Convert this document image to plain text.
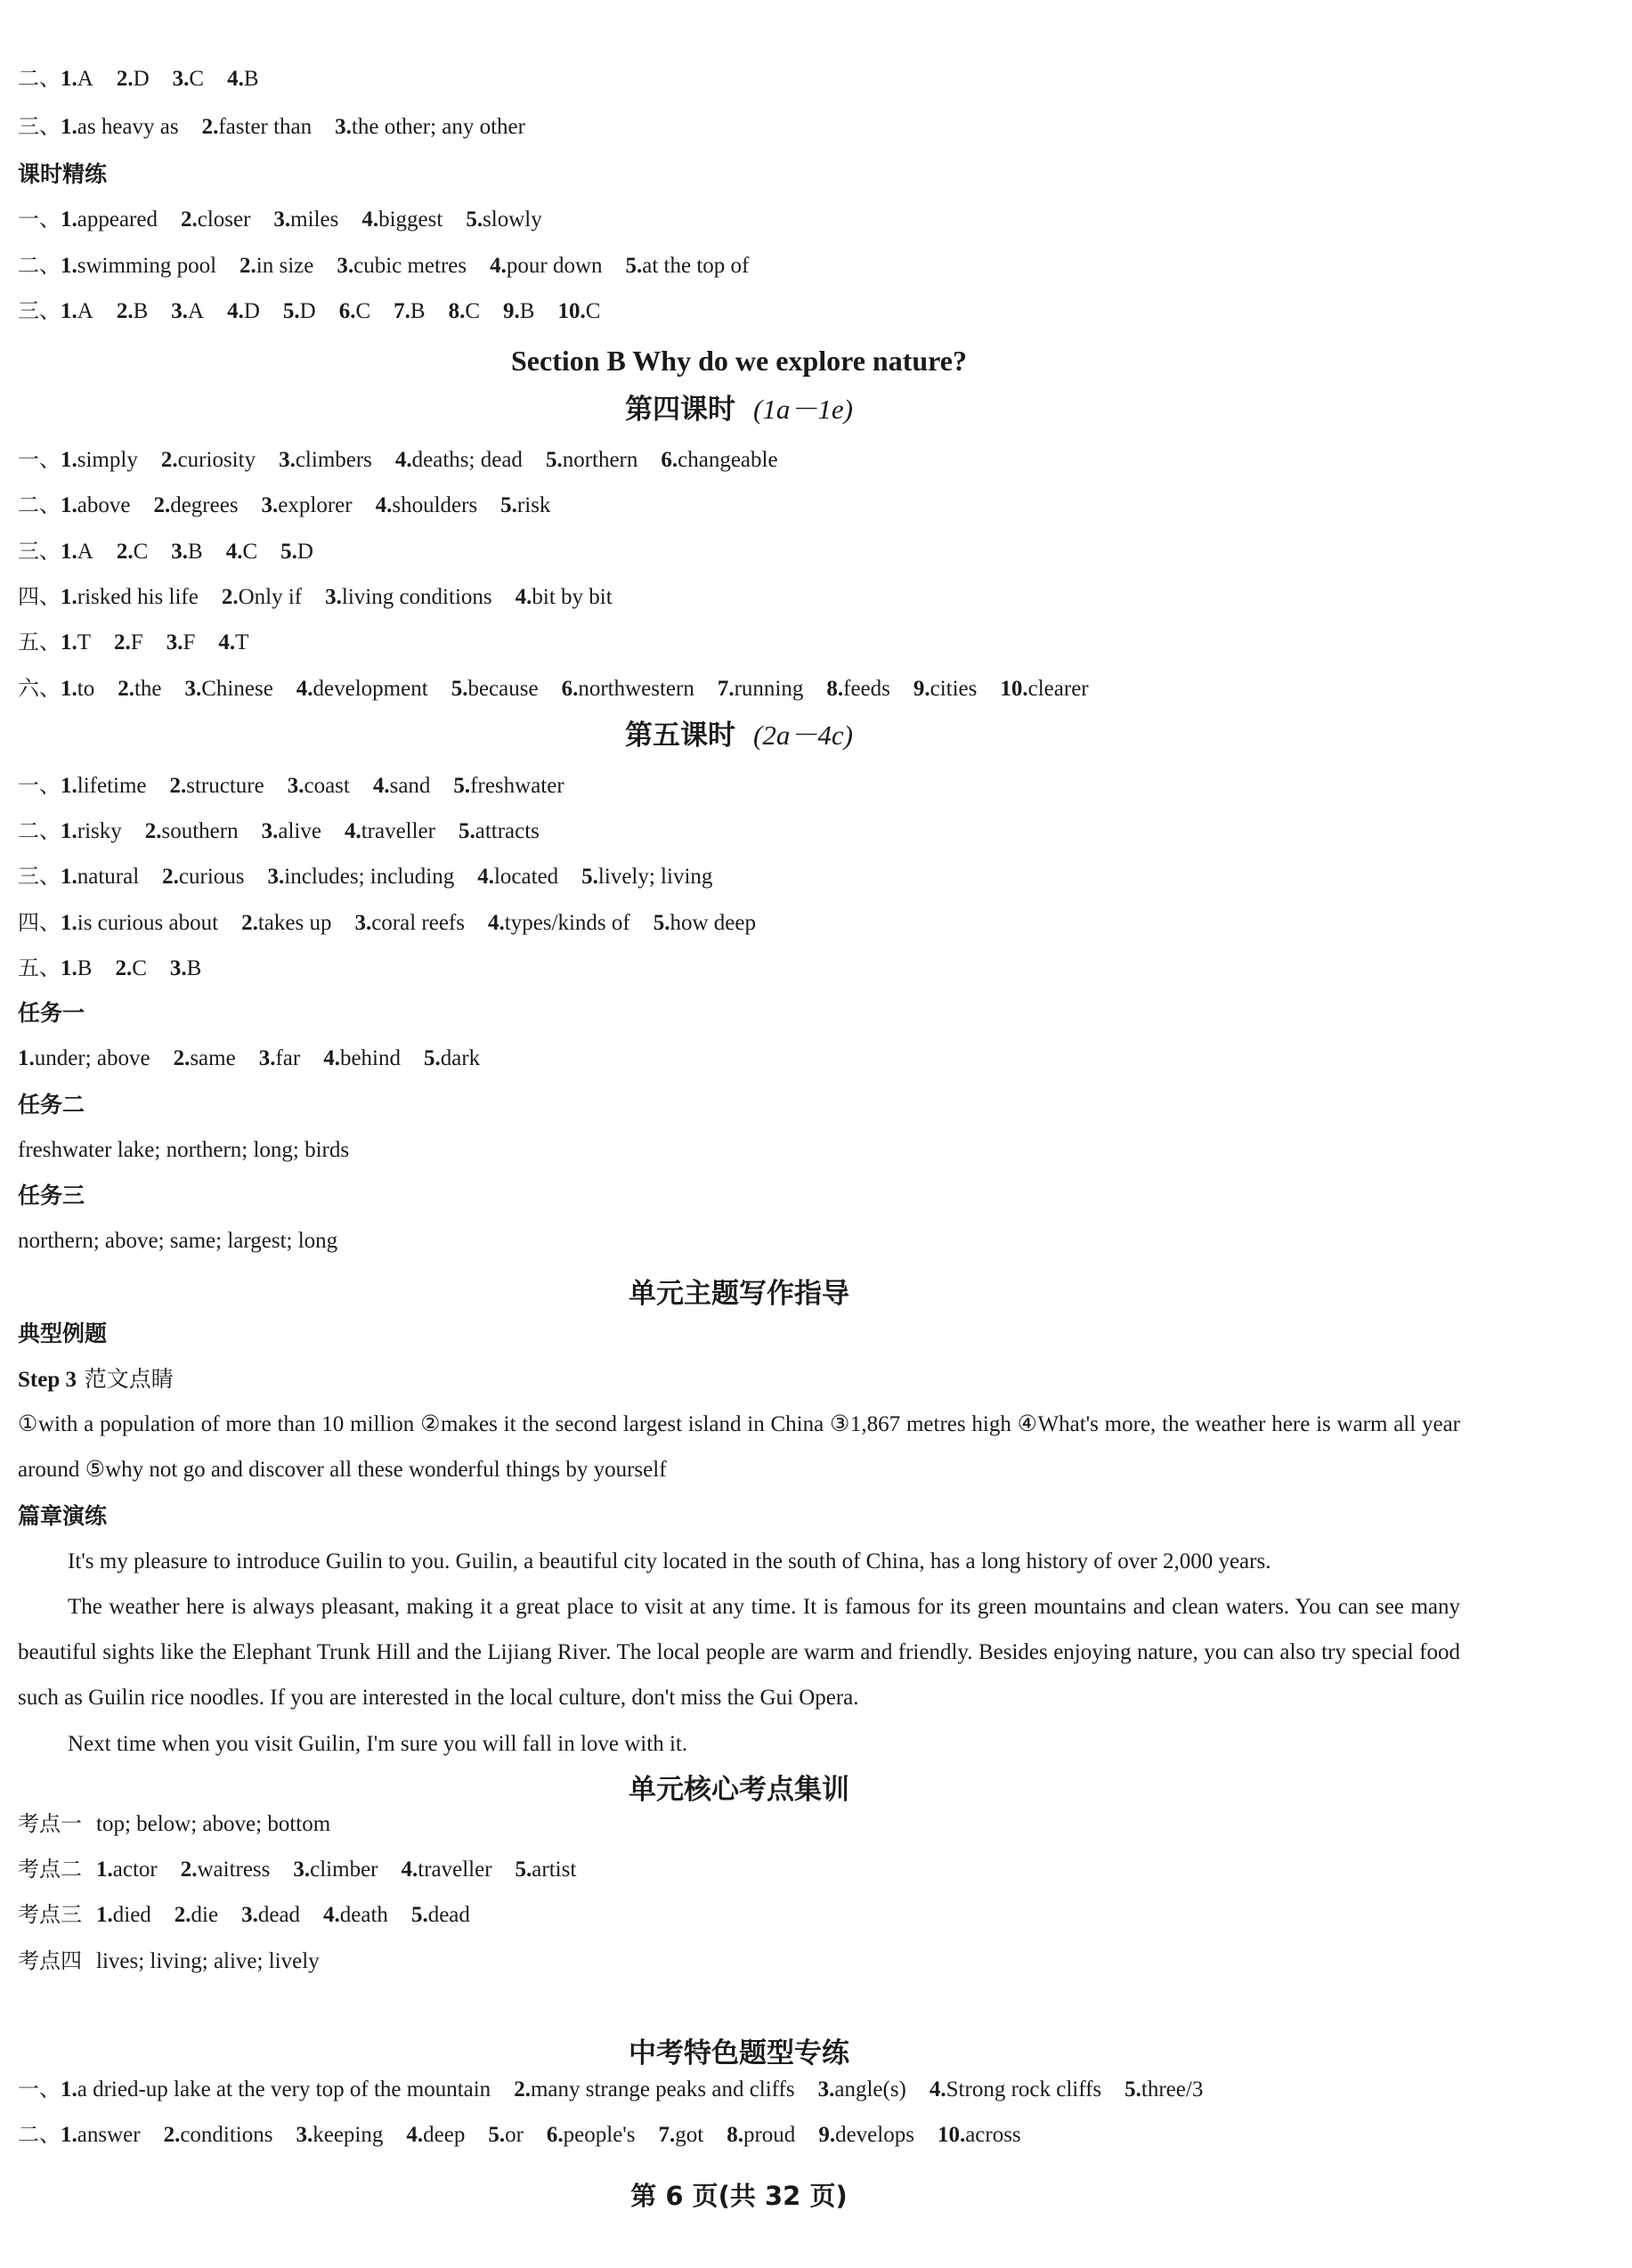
课时精练
Section B Why do we explore nature?
第四课时 (1a－1e)
第五课时 (2a－4c)
任务一
1.under; above 2.same 3.far 4.behind 5.dark
任务二
freshwater lake; northern; long; birds
任务三
northern; above; same; largest; long
单元主题写作指导
典型例题
Step 3 范文点睛
①with a population of more than 10 million ②makes it the second largest island in China ③1,867 metres high ④What's more, the weather here is warm all year around ⑤why not go and discover all these wonderful things by yourself
篇章演练
It's my pleasure to introduce Guilin to you. Guilin, a beautiful city located in the south of China, has a long history of over 2,000 years.
The weather here is always pleasant, making it a great place to visit at any time. It is famous for its green mountains and clean waters. You can see many beautiful sights like the Elephant Trunk Hill and the Lijiang River. The local people are warm and friendly. Besides enjoying nature, you can also try special food such as Guilin rice noodles. If you are interested in the local culture, don't miss the Gui Opera.
Next time when you visit Guilin, I'm sure you will fall in love with it.
单元核心考点集训
中考特色题型专练
二、1.A 2.D 3.C 4.B
三、1.as heavy as 2.faster than 3.the other; any other
一、1.appeared 2.closer 3.miles 4.biggest 5.slowly
二、1.swimming pool 2.in size 3.cubic metres 4.pour down 5.at the top of
三、1.A 2.B 3.A 4.D 5.D 6.C 7.B 8.C 9.B 10.C
一、1.simply 2.curiosity 3.climbers 4.deaths; dead 5.northern 6.changeable
二、1.above 2.degrees 3.explorer 4.shoulders 5.risk
三、1.A 2.C 3.B 4.C 5.D
四、1.risked his life 2.Only if 3.living conditions 4.bit by bit
五、1.T 2.F 3.F 4.T
六、1.to 2.the 3.Chinese 4.development 5.because 6.northwestern 7.running 8.feeds 9.cities 10.clearer
一、1.lifetime 2.structure 3.coast 4.sand 5.freshwater
二、1.risky 2.southern 3.alive 4.traveller 5.attracts
三、1.natural 2.curious 3.includes; including 4.located 5.lively; living
四、1.is curious about 2.takes up 3.coral reefs 4.types/kinds of 5.how deep
五、1.B 2.C 3.B
考点一 top; below; above; bottom
考点二 1.actor 2.waitress 3.climber 4.traveller 5.artist
考点三 1.died 2.die 3.dead 4.death 5.dead
考点四 lives; living; alive; lively
一、1.a dried-up lake at the very top of the mountain 2.many strange peaks and cliffs 3.angle(s) 4.Strong rock cliffs 5.three/3
二、1.answer 2.conditions 3.keeping 4.deep 5.or 6.people's 7.got 8.proud 9.develops 10.across
第 6 页(共 32 页)
